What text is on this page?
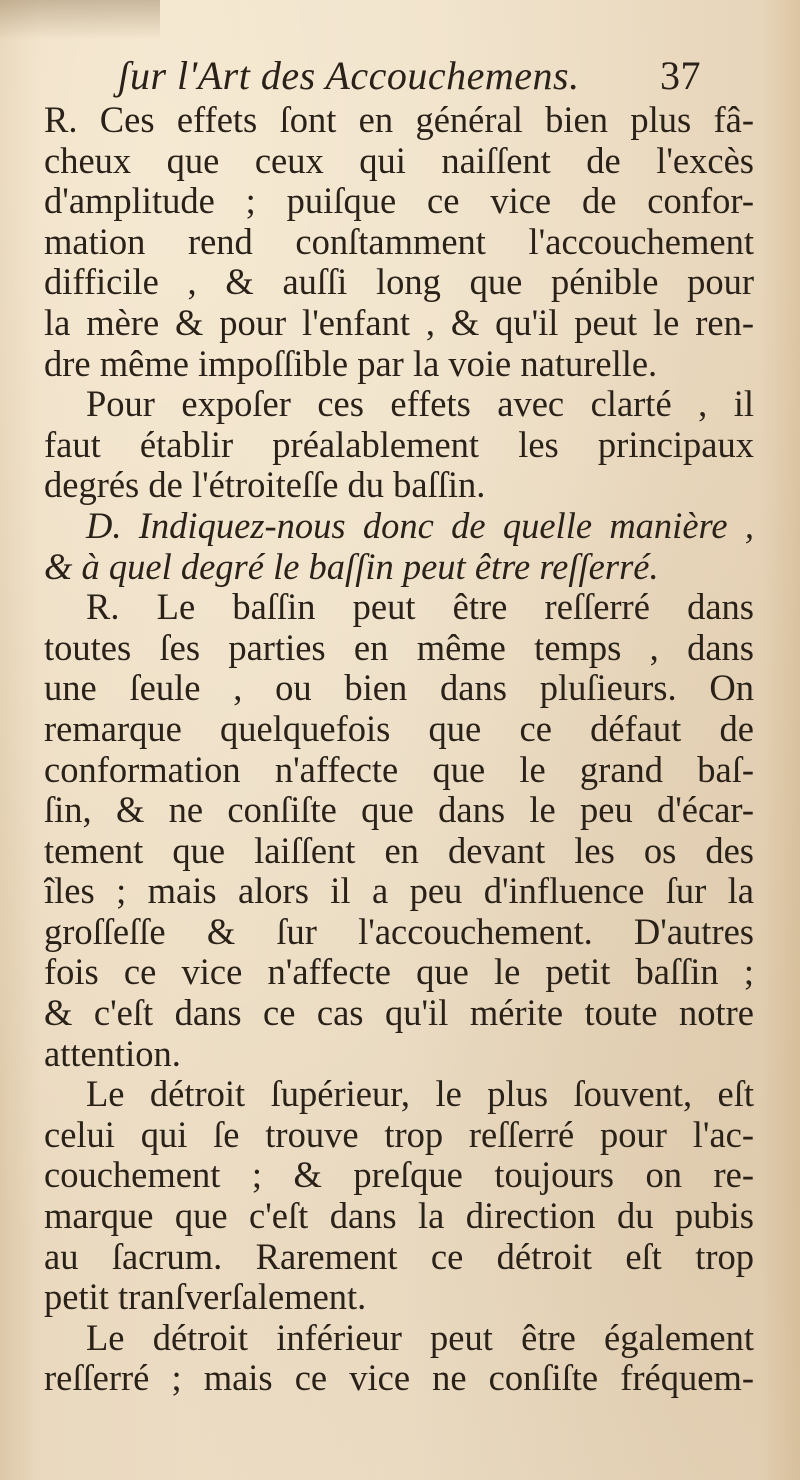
ʃur l'Art des Accouchemens. 37
R. Ces effets ſont en général bien plus fâ-
cheux que ceux qui naiſſent de l'excès
d'amplitude ; puiſque ce vice de confor-
mation rend conſtamment l'accouchement
difficile , & auſſi long que pénible pour
la mère & pour l'enfant , & qu'il peut le ren-
dre même impoſſible par la voie naturelle.
Pour expoſer ces effets avec clarté , il
faut établir préalablement les principaux
degrés de l'étroiteſſe du baſſin.
D. Indiquez-nous donc de quelle manière ,
& à quel degré le baſſin peut être reſſerré.
R. Le baſſin peut être reſſerré dans
toutes ſes parties en même temps , dans
une ſeule , ou bien dans pluſieurs. On
remarque quelquefois que ce défaut de
conformation n'affecte que le grand baſ-
ſin, & ne conſiſte que dans le peu d'écar-
tement que laiſſent en devant les os des
îles ; mais alors il a peu d'influence ſur la
groſſeſſe & ſur l'accouchement. D'autres
fois ce vice n'affecte que le petit baſſin ;
& c'eſt dans ce cas qu'il mérite toute notre
attention.
Le détroit ſupérieur, le plus ſouvent, eſt
celui qui ſe trouve trop reſſerré pour l'ac-
couchement ; & preſque toujours on re-
marque que c'eſt dans la direction du pubis
au ſacrum. Rarement ce détroit eſt trop
petit tranſverſalement.
Le détroit inférieur peut être également
reſſerré ; mais ce vice ne conſiſte fréquem-
